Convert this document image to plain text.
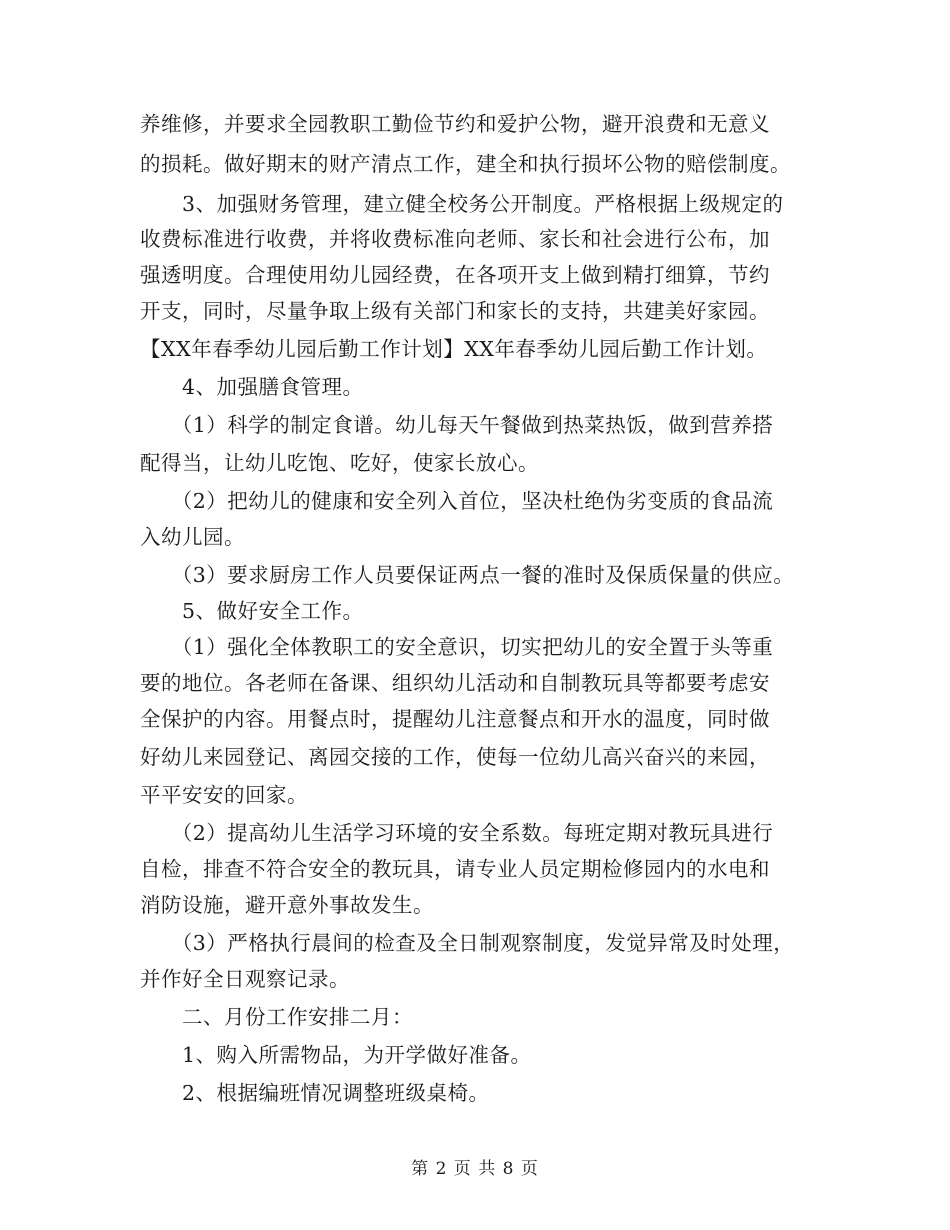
养维修，并要求全园教职工勤俭节约和爱护公物，避开浪费和无意义
的损耗。做好期末的财产清点工作，建全和执行损坏公物的赔偿制度。
　　3、加强财务管理，建立健全校务公开制度。严格根据上级规定的
收费标准进行收费，并将收费标准向老师、家长和社会进行公布，加
强透明度。合理使用幼儿园经费，在各项开支上做到精打细算，节约
开支，同时，尽量争取上级有关部门和家长的支持，共建美好家园。
【XX年春季幼儿园后勤工作计划】XX年春季幼儿园后勤工作计划。
　　4、加强膳食管理。
　　（1）科学的制定食谱。幼儿每天午餐做到热菜热饭，做到营养搭
配得当，让幼儿吃饱、吃好，使家长放心。
　　（2）把幼儿的健康和安全列入首位，坚决杜绝伪劣变质的食品流
入幼儿园。
　　（3）要求厨房工作人员要保证两点一餐的准时及保质保量的供应。
　　5、做好安全工作。
　　（1）强化全体教职工的安全意识，切实把幼儿的安全置于头等重
要的地位。各老师在备课、组织幼儿活动和自制教玩具等都要考虑安
全保护的内容。用餐点时，提醒幼儿注意餐点和开水的温度，同时做
好幼儿来园登记、离园交接的工作，使每一位幼儿高兴奋兴的来园，
平平安安的回家。
　　（2）提高幼儿生活学习环境的安全系数。每班定期对教玩具进行
自检，排查不符合安全的教玩具，请专业人员定期检修园内的水电和
消防设施，避开意外事故发生。
　　（3）严格执行晨间的检查及全日制观察制度，发觉异常及时处理，
并作好全日观察记录。
　　二、月份工作安排二月：
　　1、购入所需物品，为开学做好准备。
　　2、根据编班情况调整班级桌椅。
第 2 页 共 8 页
